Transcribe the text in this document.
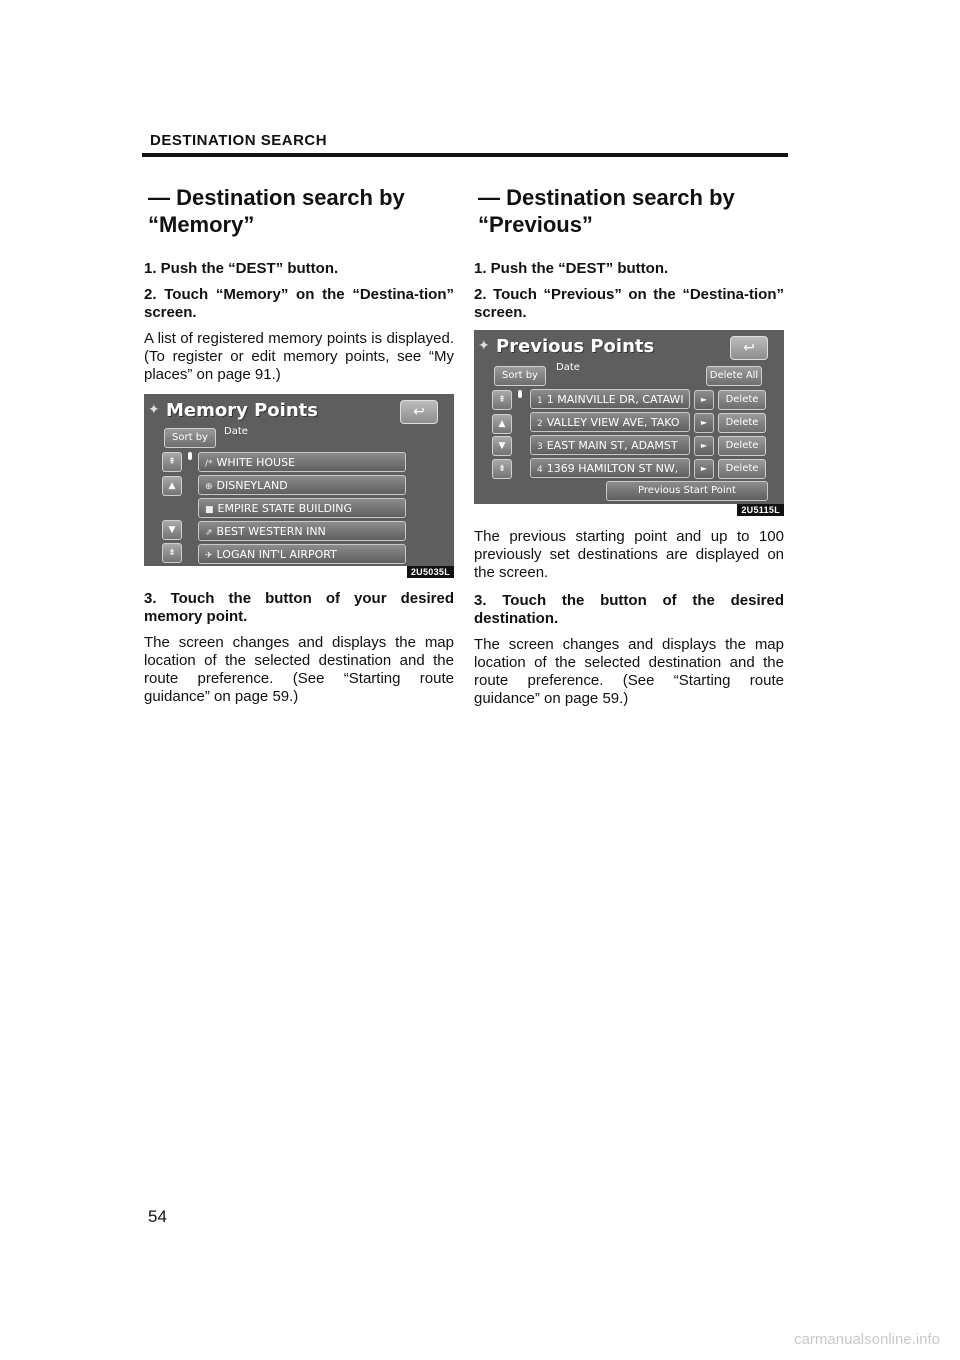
DESTINATION SEARCH
— Destination search by
“Memory”

1. Push the “DEST” button.

2. Touch “Memory” on the “Destina-tion” screen.

A list of registered memory points is displayed. (To register or edit memory points, see “My places” on page 91.)

✦ Memory Points	↩
Sort by
Date
⇞
▲
▼
⇟
/* WHITE HOUSE
⊕ DISNEYLAND
■ EMPIRE STATE BUILDING
⇗ BEST WESTERN INN
✈ LOGAN INT'L AIRPORT
2U5035L

3. Touch the button of your desired memory point.

The screen changes and displays the map location of the selected destination and the route preference. (See “Starting route guidance” on page 59.)

— Destination search by
“Previous”

1. Push the “DEST” button.

2. Touch “Previous” on the “Destina-tion” screen.

✦ Previous Points	↩
Sort by
Date
Delete All
⇞
▲
▼
⇟
1 1 MAINVILLE DR, CATAWI	►	Delete
2 VALLEY VIEW AVE, TAKO	►	Delete
3 EAST MAIN ST, ADAMST	►	Delete
4 1369 HAMILTON ST NW,	►	Delete
Previous Start Point
2U5115L

The previous starting point and up to 100 previously set destinations are displayed on the screen.

3. Touch the button of the desired destination.

The screen changes and displays the map location of the selected destination and the route preference. (See “Starting route guidance” on page 59.)

54
carmanualsonline.info
